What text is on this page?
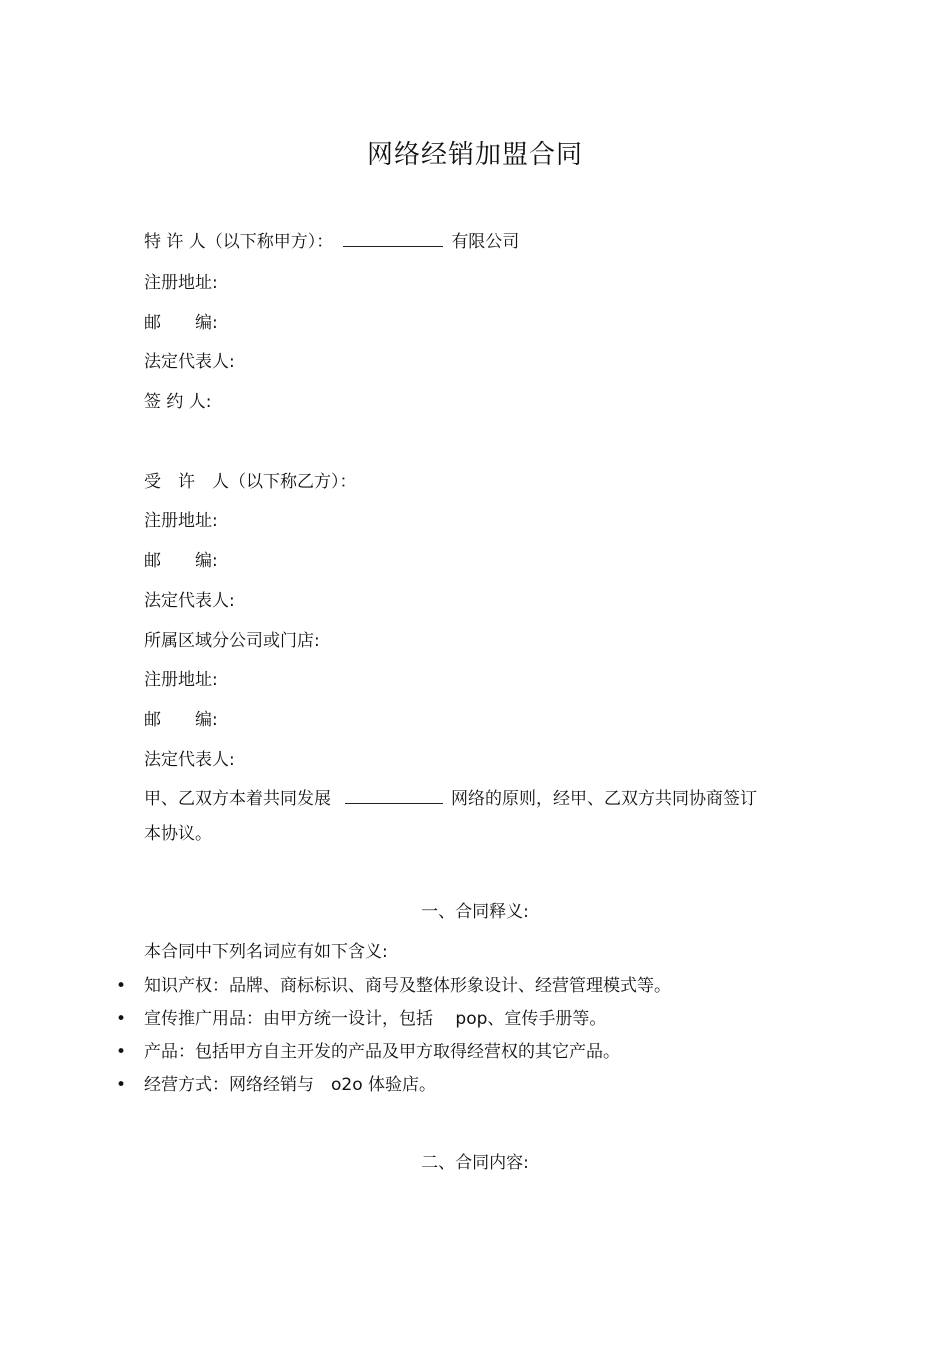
网络经销加盟合同
特 许 人（以下称甲方）：	有限公司
注册地址:
邮　　编:
法定代表人:
签 约 人:
受　许　人（以下称乙方）：
注册地址:
邮　　编:
法定代表人:
所属区域分公司或门店:
注册地址:
邮　　编:
法定代表人:
甲、乙双方本着共同发展	网络的原则，经甲、乙双方共同协商签订
本协议。
一、合同释义:
本合同中下列名词应有如下含义:
• 知识产权：品牌、商标标识、商号及整体形象设计、经营管理模式等。
• 宣传推广用品：由甲方统一设计，包括　 pop、宣传手册等。
• 产品：包括甲方自主开发的产品及甲方取得经营权的其它产品。
• 经营方式：网络经销与　o2o 体验店。
二、合同内容:
